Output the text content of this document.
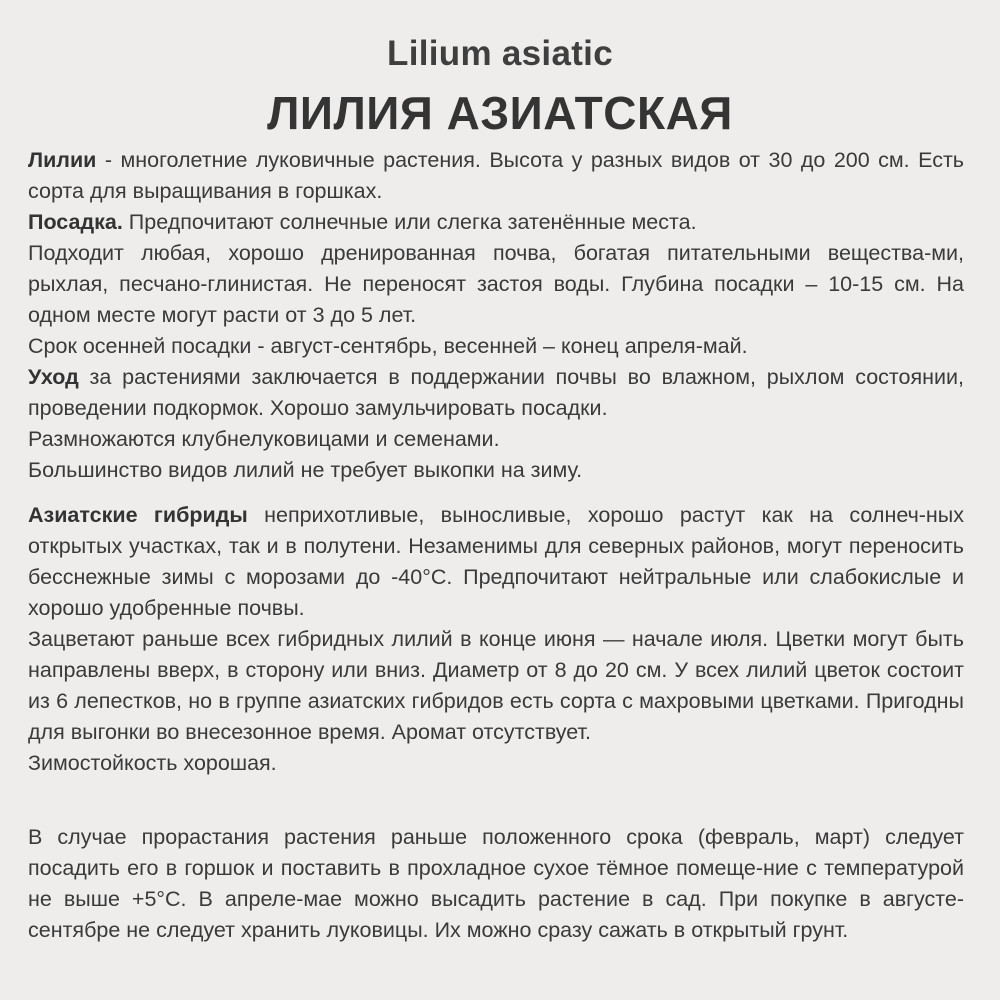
Lilium asiatic
ЛИЛИЯ АЗИАТСКАЯ

Лилии - многолетние луковичные растения. Высота у разных видов от 30 до 200 см. Есть сорта для выращивания в горшках.

Посадка. Предпочитают солнечные или слегка затенённые места.

Подходит любая, хорошо дренированная почва, богатая питательными вещества-ми, рыхлая, песчано-глинистая. Не переносят застоя воды. Глубина посадки – 10-15 см. На одном месте могут расти от 3 до 5 лет.

Срок осенней посадки - август-сентябрь, весенней – конец апреля-май.

Уход за растениями заключается в поддержании почвы во влажном, рыхлом состоянии, проведении подкормок. Хорошо замульчировать посадки.

Размножаются клубнелуковицами и семенами.

Большинство видов лилий не требует выкопки на зиму.

Азиатские гибриды неприхотливые, выносливые, хорошо растут как на солнеч-ных открытых участках, так и в полутени. Незаменимы для северных районов, могут переносить бесснежные зимы с морозами до -40°С. Предпочитают нейтральные или слабокислые и хорошо удобренные почвы.

Зацветают раньше всех гибридных лилий в конце июня — начале июля. Цветки могут быть направлены вверх, в сторону или вниз. Диаметр от 8 до 20 см. У всех лилий цветок состоит из 6 лепестков, но в группе азиатских гибридов есть сорта с махровыми цветками. Пригодны для выгонки во внесезонное время. Аромат отсутствует.

Зимостойкость хорошая.

В случае прорастания растения раньше положенного срока (февраль, март) следует посадить его в горшок и поставить в прохладное сухое тёмное помеще-ние с температурой не выше +5°С. В апреле-мае можно высадить растение в сад. При покупке в августе-сентябре не следует хранить луковицы. Их можно сразу сажать в открытый грунт.
